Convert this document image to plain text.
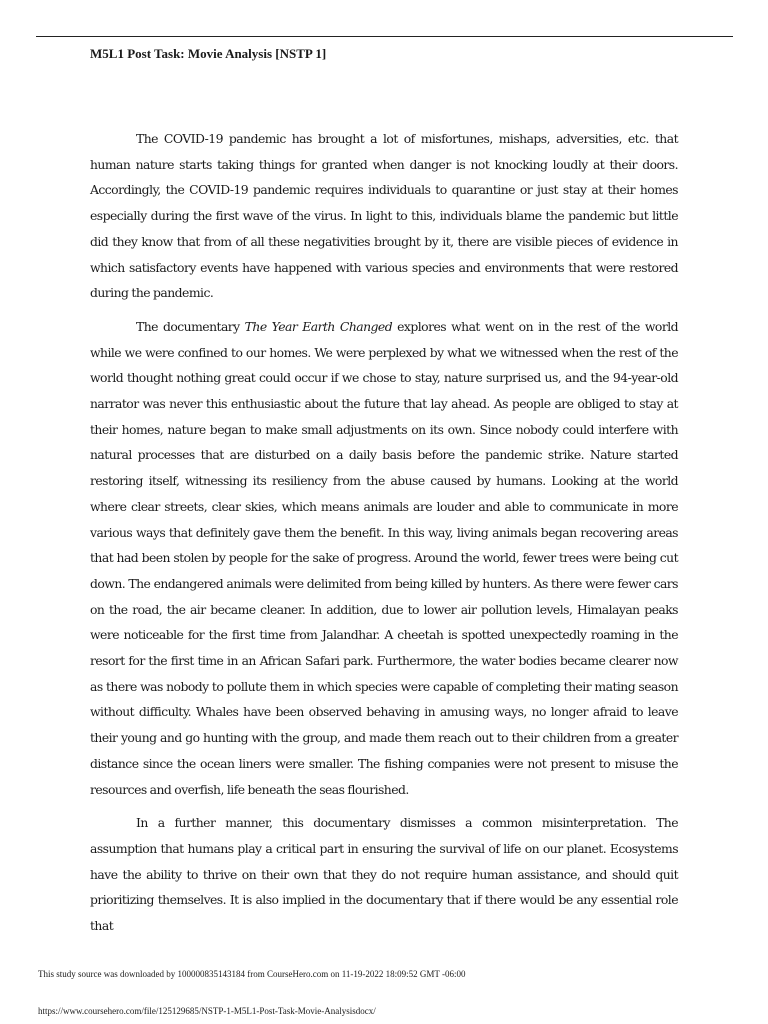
M5L1 Post Task: Movie Analysis [NSTP 1]

The COVID-19 pandemic has brought a lot of misfortunes, mishaps, adversities, etc. that human nature starts taking things for granted when danger is not knocking loudly at their doors. Accordingly, the COVID-19 pandemic requires individuals to quarantine or just stay at their homes especially during the first wave of the virus. In light to this, individuals blame the pandemic but little did they know that from of all these negativities brought by it, there are visible pieces of evidence in which satisfactory events have happened with various species and environments that were restored during the pandemic.

The documentary The Year Earth Changed explores what went on in the rest of the world while we were confined to our homes. We were perplexed by what we witnessed when the rest of the world thought nothing great could occur if we chose to stay, nature surprised us, and the 94-year-old narrator was never this enthusiastic about the future that lay ahead. As people are obliged to stay at their homes, nature began to make small adjustments on its own. Since nobody could interfere with natural processes that are disturbed on a daily basis before the pandemic strike. Nature started restoring itself, witnessing its resiliency from the abuse caused by humans. Looking at the world where clear streets, clear skies, which means animals are louder and able to communicate in more various ways that definitely gave them the benefit. In this way, living animals began recovering areas that had been stolen by people for the sake of progress. Around the world, fewer trees were being cut down. The endangered animals were delimited from being killed by hunters. As there were fewer cars on the road, the air became cleaner. In addition, due to lower air pollution levels, Himalayan peaks were noticeable for the first time from Jalandhar. A cheetah is spotted unexpectedly roaming in the resort for the first time in an African Safari park. Furthermore, the water bodies became clearer now as there was nobody to pollute them in which species were capable of completing their mating season without difficulty. Whales have been observed behaving in amusing ways, no longer afraid to leave their young and go hunting with the group, and made them reach out to their children from a greater distance since the ocean liners were smaller. The fishing companies were not present to misuse the resources and overfish, life beneath the seas flourished.

In a further manner, this documentary dismisses a common misinterpretation. The assumption that humans play a critical part in ensuring the survival of life on our planet. Ecosystems have the ability to thrive on their own that they do not require human assistance, and should quit prioritizing themselves. It is also implied in the documentary that if there would be any essential role that

This study source was downloaded by 100000835143184 from CourseHero.com on 11-19-2022 18:09:52 GMT -06:00
https://www.coursehero.com/file/125129685/NSTP-1-M5L1-Post-Task-Movie-Analysisdocx/
